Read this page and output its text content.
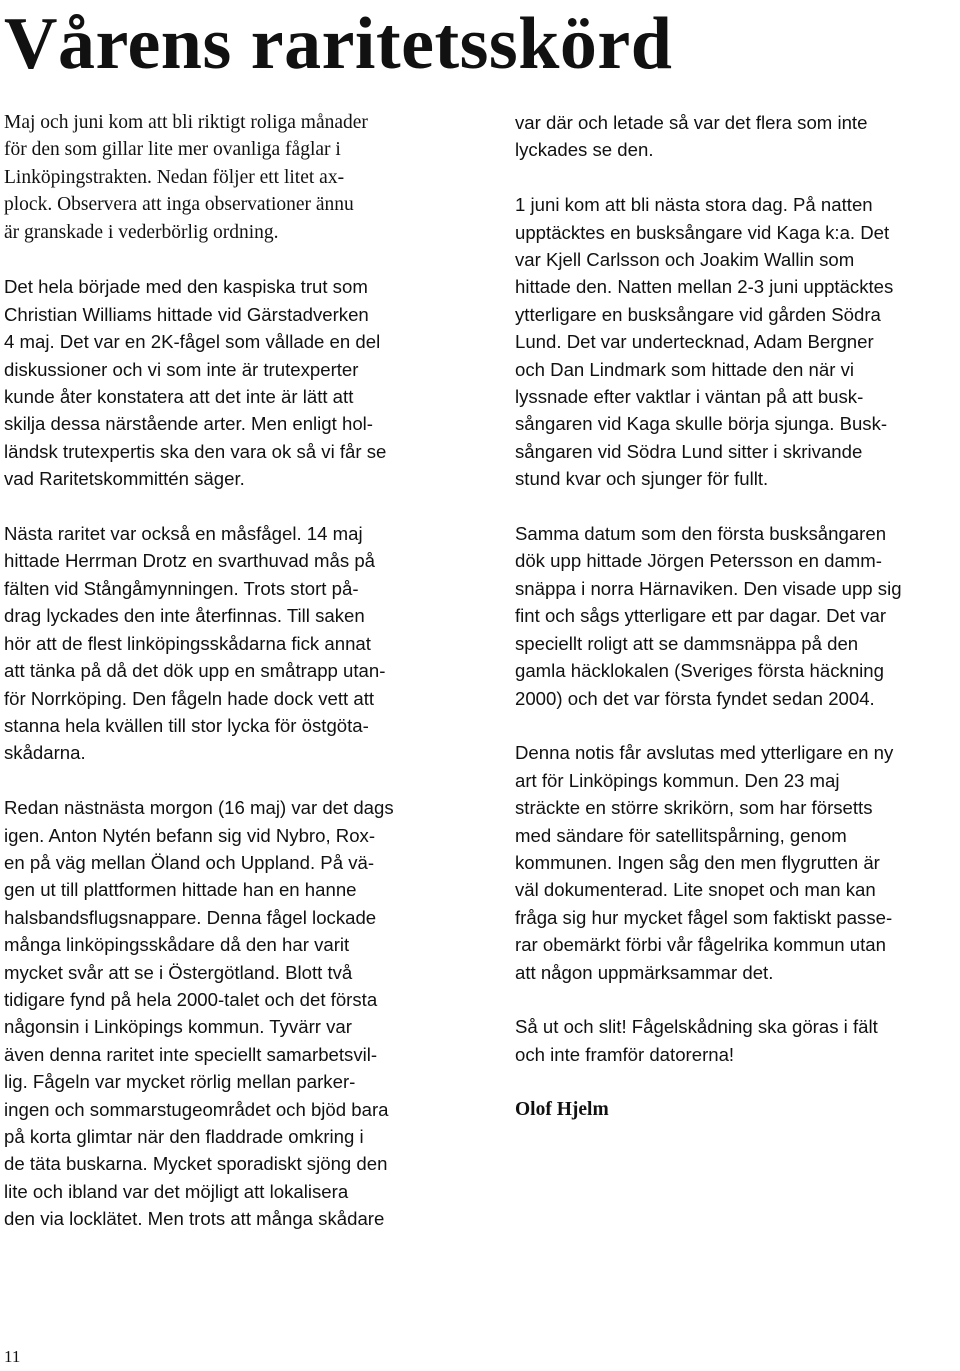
Vårens raritetsskörd

Maj och juni kom att bli riktigt roliga månader
för den som gillar lite mer ovanliga fåglar i
Linköpingstrakten. Nedan följer ett litet ax-
plock. Observera att inga observationer ännu
är granskade i vederbörlig ordning.

Det hela började med den kaspiska trut som
Christian Williams hittade vid Gärstadverken
4 maj. Det var en 2K-fågel som vållade en del
diskussioner och vi som inte är trutexperter
kunde åter konstatera att det inte är lätt att
skilja dessa närstående arter. Men enligt hol-
ländsk trutexpertis ska den vara ok så vi får se
vad Raritetskommittén säger.

Nästa raritet var också en måsfågel. 14 maj
hittade Herrman Drotz en svarthuvad mås på
fälten vid Stångåmynningen. Trots stort på-
drag lyckades den inte återfinnas. Till saken
hör att de flest linköpingsskådarna fick annat
att tänka på då det dök upp en småtrapp utan-
för Norrköping. Den fågeln hade dock vett att
stanna hela kvällen till stor lycka för östgöta-
skådarna.

Redan nästnästa morgon (16 maj) var det dags
igen. Anton Nytén befann sig vid Nybro, Rox-
en på väg mellan Öland och Uppland. På vä-
gen ut till plattformen hittade han en hanne
halsbandsflugsnappare. Denna fågel lockade
många linköpingsskådare då den har varit
mycket svår att se i Östergötland. Blott två
tidigare fynd på hela 2000-talet och det första
någonsin i Linköpings kommun. Tyvärr var
även denna raritet inte speciellt samarbetsvil-
lig. Fågeln var mycket rörlig mellan parker-
ingen och sommarstugeområdet och bjöd bara
på korta glimtar när den fladdrade omkring i
de täta buskarna. Mycket sporadiskt sjöng den
lite och ibland var det möjligt att lokalisera
den via locklätet. Men trots att många skådare

var där och letade så var det flera som inte
lyckades se den.

1 juni kom att bli nästa stora dag. På natten
upptäcktes en busksångare vid Kaga k:a. Det
var Kjell Carlsson och Joakim Wallin som
hittade den. Natten mellan 2-3 juni upptäcktes
ytterligare en busksångare vid gården Södra
Lund. Det var undertecknad, Adam Bergner
och Dan Lindmark som hittade den när vi
lyssnade efter vaktlar i väntan på att busk-
sångaren vid Kaga skulle börja sjunga. Busk-
sångaren vid Södra Lund sitter i skrivande
stund kvar och sjunger för fullt.

Samma datum som den första busksångaren
dök upp hittade Jörgen Petersson en damm-
snäppa i norra Härnaviken. Den visade upp sig
fint och sågs ytterligare ett par dagar. Det var
speciellt roligt att se dammsnäppa på den
gamla häcklokalen (Sveriges första häckning
2000) och det var första fyndet sedan 2004.

Denna notis får avslutas med ytterligare en ny
art för Linköpings kommun. Den 23 maj
sträckte en större skrikörn, som har försetts
med sändare för satellitspårning, genom
kommunen. Ingen såg den men flygrutten är
väl dokumenterad. Lite snopet och man kan
fråga sig hur mycket fågel som faktiskt passe-
rar obemärkt förbi vår fågelrika kommun utan
att någon uppmärksammar det.

Så ut och slit! Fågelskådning ska göras i fält
och inte framför datorerna!

Olof Hjelm

11
